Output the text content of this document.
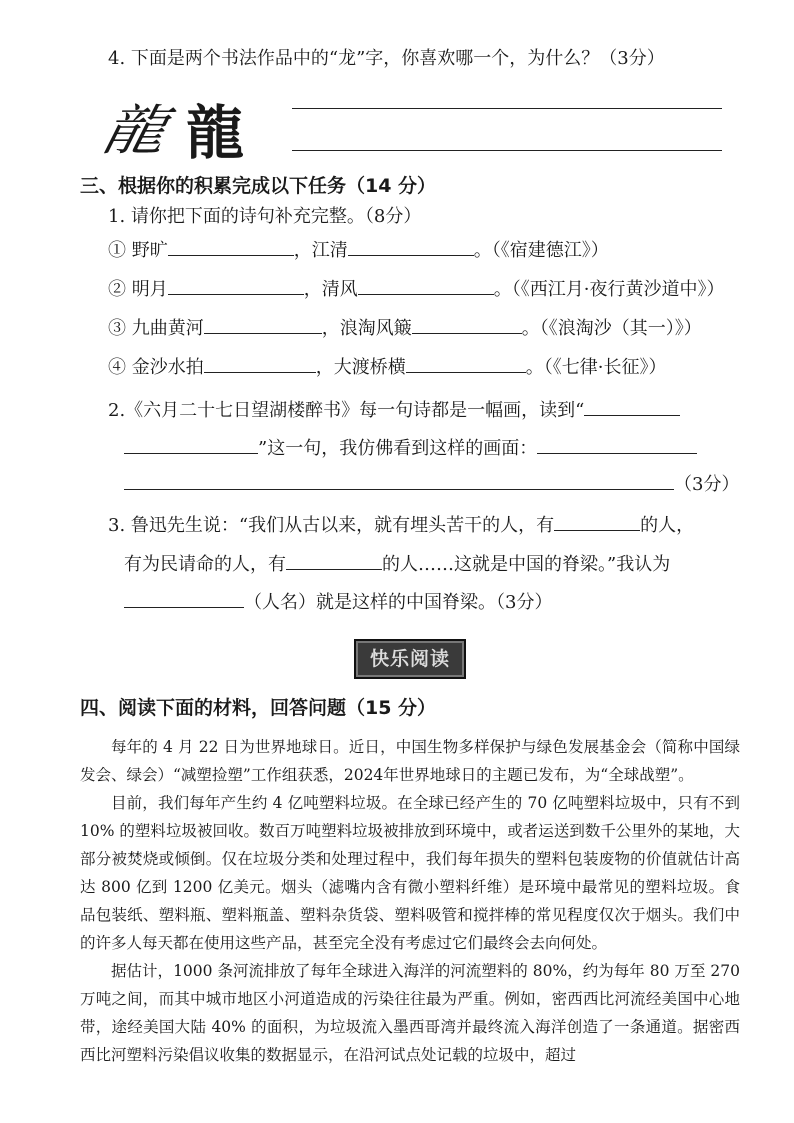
4. 下面是两个书法作品中的“龙”字，你喜欢哪一个，为什么？（3分）
龍 龍
三、根据你的积累完成以下任务（14 分）
1. 请你把下面的诗句补充完整。（8分）
① 野旷	，江清	。（《宿建德江》）
② 明月	，清风	。（《西江月·夜行黄沙道中》）
③ 九曲黄河	，浪淘风簸	。（《浪淘沙（其一）》）
④ 金沙水拍	，大渡桥横	。（《七律·长征》）
2.《六月二十七日望湖楼醉书》每一句诗都是一幅画，读到“
”这一句，我仿佛看到这样的画面：
（3分）
3. 鲁迅先生说：“我们从古以来，就有埋头苦干的人，有	的人，
有为民请命的人，有	的人……这就是中国的脊梁。”我认为
（人名）就是这样的中国脊梁。（3分）
快乐阅读
四、阅读下面的材料，回答问题（15 分）

每年的 4 月 22 日为世界地球日。近日，中国生物多样保护与绿色发展基金会（简称中国绿发会、绿会）“减塑捡塑”工作组获悉，2024年世界地球日的主题已发布，为“全球战塑”。

目前，我们每年产生约 4 亿吨塑料垃圾。在全球已经产生的 70 亿吨塑料垃圾中，只有不到 10% 的塑料垃圾被回收。数百万吨塑料垃圾被排放到环境中，或者运送到数千公里外的某地，大部分被焚烧或倾倒。仅在垃圾分类和处理过程中，我们每年损失的塑料包装废物的价值就估计高达 800 亿到 1200 亿美元。烟头（滤嘴内含有微小塑料纤维）是环境中最常见的塑料垃圾。食品包装纸、塑料瓶、塑料瓶盖、塑料杂货袋、塑料吸管和搅拌棒的常见程度仅次于烟头。我们中的许多人每天都在使用这些产品，甚至完全没有考虑过它们最终会去向何处。

据估计，1000 条河流排放了每年全球进入海洋的河流塑料的 80%，约为每年 80 万至 270 万吨之间，而其中城市地区小河道造成的污染往往最为严重。例如，密西西比河流经美国中心地带，途经美国大陆 40% 的面积，为垃圾流入墨西哥湾并最终流入海洋创造了一条通道。据密西西比河塑料污染倡议收集的数据显示，在沿河试点处记载的垃圾中，超过
